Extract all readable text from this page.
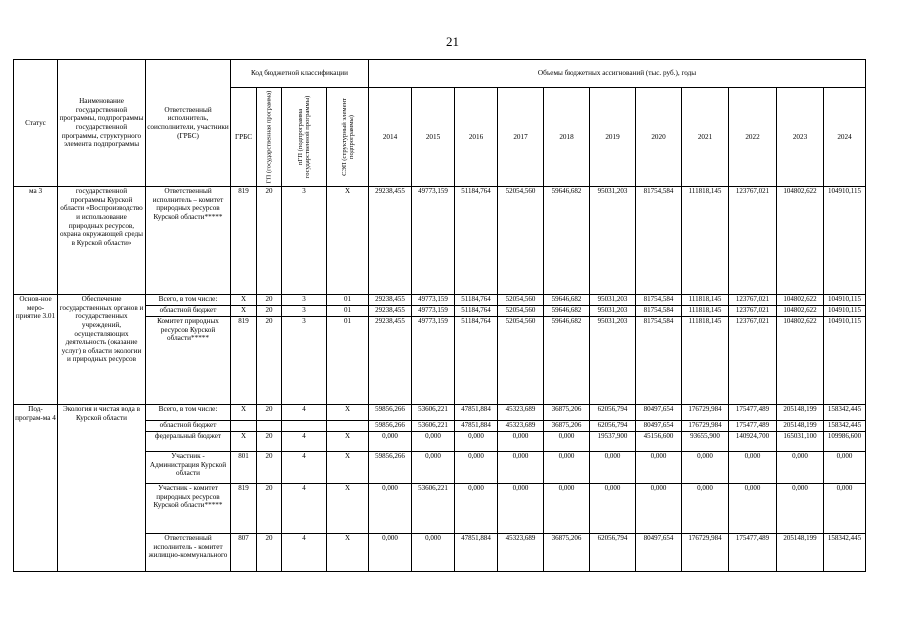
21
Статус	Наименование государственной программы, подпрограммы государственной программы, структурного элемента подпрограммы	Ответственный исполнитель, соисполнители, участники (ГРБС)	Код бюджетной классификации				Объемы бюджетных ассигнований (тыс. руб.), годы										
			ГРБС	ГП (государственная программа)	пГП (подпрограмма государственной программы)	СЭП (структурный элемент подпрограммы)	2014	2015	2016	2017	2018	2019	2020	2021	2022	2023	2024
ма 3	государственной программы Курской области «Воспроизводство и использование природных ресурсов, охрана окружающей среды в Курской области»	Ответственный исполнитель – комитет природных ресурсов Курской области*****	819	20	3	X	29238,455	49773,159	51184,764	52054,560	59646,682	95031,203	81754,584	111818,145	123767,021	104802,622	104910,115
Основ-ное меро-приятие 3.01	Обеспечение государственных органов и государственных учреждений, осуществляющих деятельность (оказание услуг) в области экологии и природных ресурсов	Всего, в том числе:	X	20	3	01	29238,455	49773,159	51184,764	52054,560	59646,682	95031,203	81754,584	111818,145	123767,021	104802,622	104910,115
		областной бюджет	X	20	3	01	29238,455	49773,159	51184,764	52054,560	59646,682	95031,203	81754,584	111818,145	123767,021	104802,622	104910,115
		Комитет природных ресурсов Курской области*****	819	20	3	01	29238,455	49773,159	51184,764	52054,560	59646,682	95031,203	81754,584	111818,145	123767,021	104802,622	104910,115
Под-програм-ма 4	Экология и чистая вода в Курской области	Всего, в том числе:	X	20	4	X	59856,266	53606,221	47851,884	45323,689	36875,206	62056,794	80497,654	176729,984	175477,489	205148,199	158342,445
		областной бюджет					59856,266	53606,221	47851,884	45323,689	36875,206	62056,794	80497,654	176729,984	175477,489	205148,199	158342,445
		федеральный бюджет	X	20	4	X	0,000	0,000	0,000	0,000	0,000	19537,900	45156,600	93655,900	140924,700	165031,100	109986,600
		Участник - Администрация Курской области	801	20	4	X	59856,266	0,000	0,000	0,000	0,000	0,000	0,000	0,000	0,000	0,000	0,000
		Участник - комитет природных ресурсов Курской области*****	819	20	4	X	0,000	53606,221	0,000	0,000	0,000	0,000	0,000	0,000	0,000	0,000	0,000
		Ответственный исполнитель - комитет жилищно-коммунального	807	20	4	X	0,000	0,000	47851,884	45323,689	36875,206	62056,794	80497,654	176729,984	175477,489	205148,199	158342,445
